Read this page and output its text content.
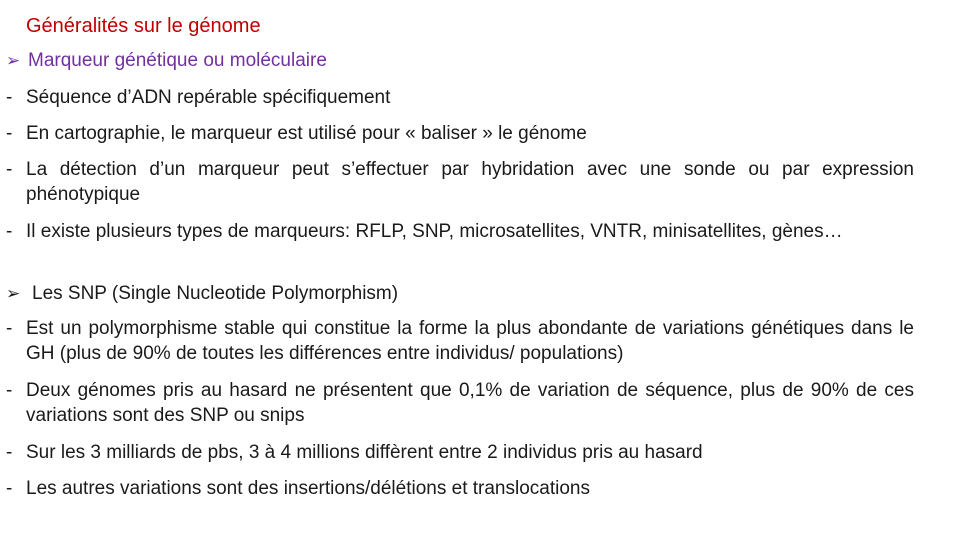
Généralités sur le génome
➢ Marqueur génétique ou moléculaire
- Séquence d’ADN repérable spécifiquement
- En cartographie, le marqueur est utilisé pour « baliser » le génome
- La détection d’un marqueur peut s’effectuer par hybridation avec une sonde ou par expression phénotypique
- Il existe plusieurs types de marqueurs: RFLP, SNP, microsatellites, VNTR, minisatellites, gènes…
➢ Les SNP (Single Nucleotide Polymorphism)
- Est un polymorphisme stable qui constitue la forme la plus abondante de variations génétiques dans le GH (plus de 90% de toutes les différences entre individus/ populations)
- Deux génomes pris au hasard ne présentent que 0,1% de variation de séquence, plus de 90% de ces variations sont des SNP ou snips
- Sur les 3 milliards de pbs, 3 à 4 millions diffèrent entre 2 individus pris au hasard
- Les autres variations sont des insertions/délétions et translocations
